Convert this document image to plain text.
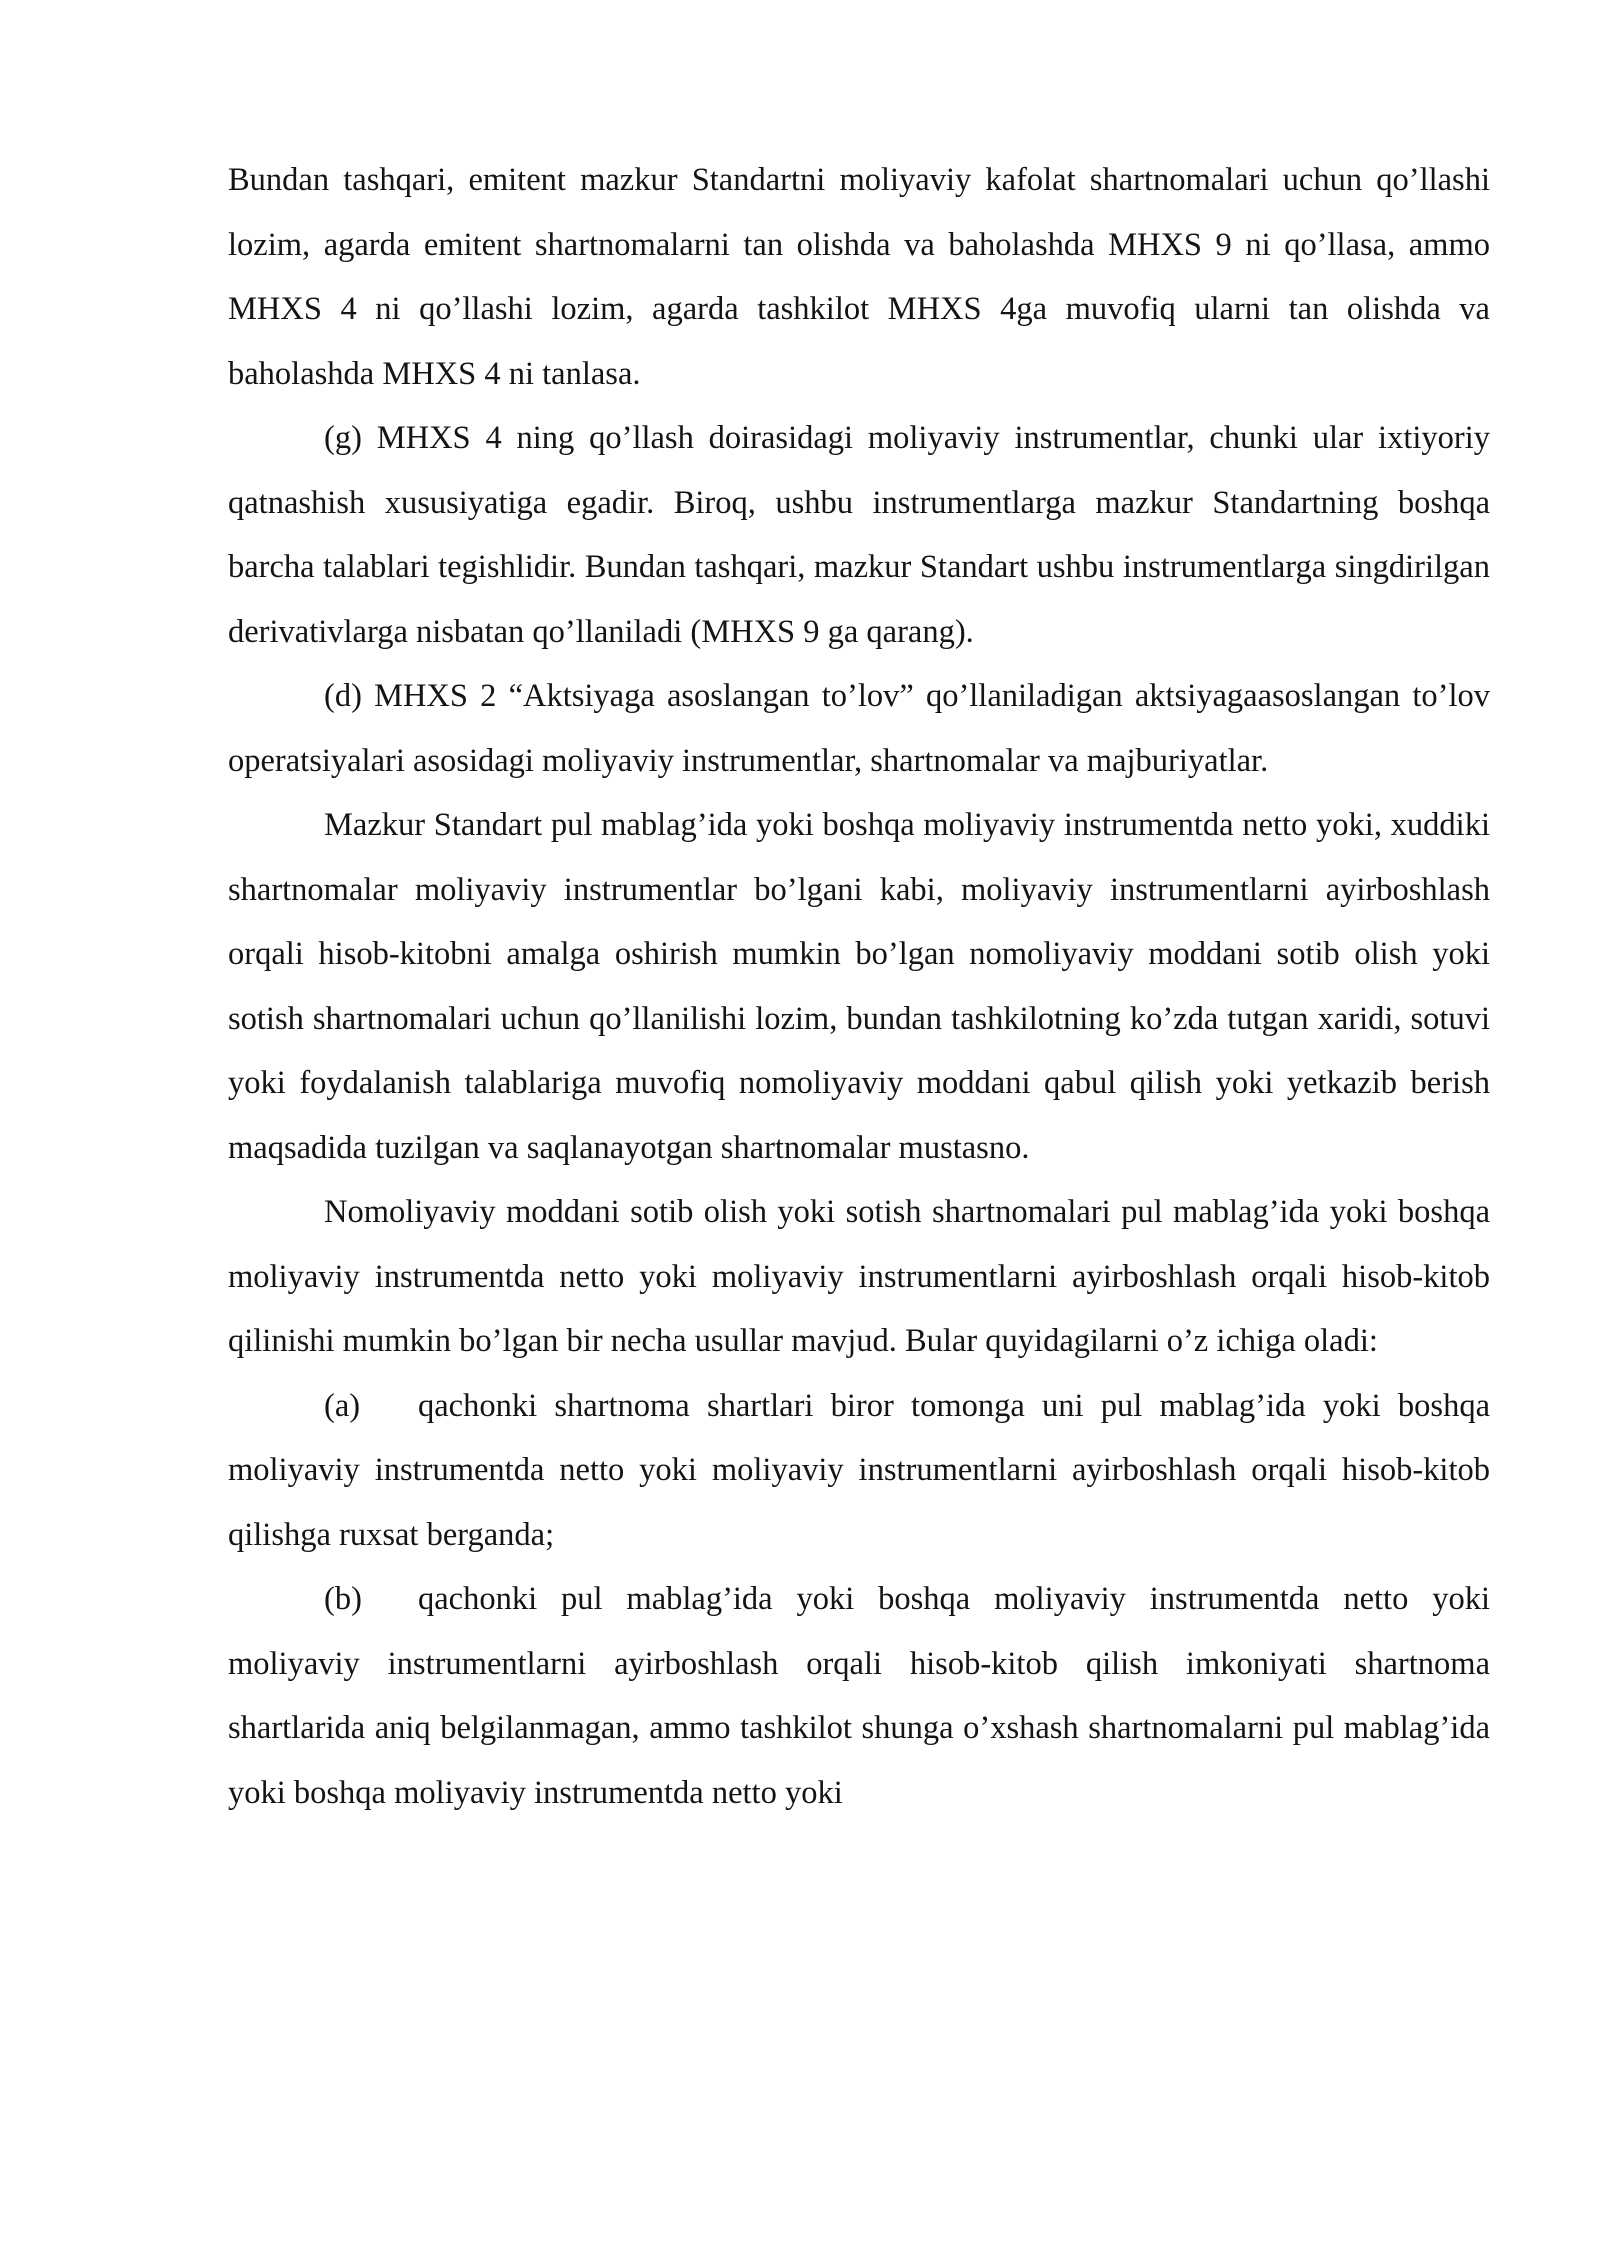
Bundan tashqari, emitent mazkur Standartni moliyaviy kafolat shartnomalari uchun qo’llashi lozim, agarda emitent shartnomalarni tan olishda va baholashda MHXS 9 ni qo’llasa, ammo MHXS 4 ni qo’llashi lozim, agarda tashkilot MHXS 4ga muvofiq ularni tan olishda va baholashda MHXS 4 ni tanlasa.

(g) MHXS 4 ning qo’llash doirasidagi moliyaviy instrumentlar, chunki ular ixtiyoriy qatnashish xususiyatiga egadir. Biroq, ushbu instrumentlarga mazkur Standartning boshqa barcha talablari tegishlidir. Bundan tashqari, mazkur Standart ushbu instrumentlarga singdirilgan derivativlarga nisbatan qo’llaniladi (MHXS 9 ga qarang).

(d) MHXS 2 “Aktsiyaga asoslangan to’lov” qo’llaniladigan aktsiyagaasoslangan to’lov operatsiyalari asosidagi moliyaviy instrumentlar, shartnomalar va majburiyatlar.

Mazkur Standart pul mablag’ida yoki boshqa moliyaviy instrumentda netto yoki, xuddiki shartnomalar moliyaviy instrumentlar bo’lgani kabi, moliyaviy instrumentlarni ayirboshlash orqali hisob-kitobni amalga oshirish mumkin bo’lgan nomoliyaviy moddani sotib olish yoki sotish shartnomalari uchun qo’llanilishi lozim, bundan tashkilotning ko’zda tutgan xaridi, sotuvi yoki foydalanish talablariga muvofiq nomoliyaviy moddani qabul qilish yoki yetkazib berish maqsadida tuzilgan va saqlanayotgan shartnomalar mustasno.

Nomoliyaviy moddani sotib olish yoki sotish shartnomalari pul mablag’ida yoki boshqa moliyaviy instrumentda netto yoki moliyaviy instrumentlarni ayirboshlash orqali hisob-kitob qilinishi mumkin bo’lgan bir necha usullar mavjud. Bular quyidagilarni o’z ichiga oladi:

(a) qachonki shartnoma shartlari biror tomonga uni pul mablag’ida yoki boshqa moliyaviy instrumentda netto yoki moliyaviy instrumentlarni ayirboshlash orqali hisob-kitob qilishga ruxsat berganda;

(b) qachonki pul mablag’ida yoki boshqa moliyaviy instrumentda netto yoki moliyaviy instrumentlarni ayirboshlash orqali hisob-kitob qilish imkoniyati shartnoma shartlarida aniq belgilanmagan, ammo tashkilot shunga o’xshash shartnomalarni pul mablag’ida yoki boshqa moliyaviy instrumentda netto yoki
